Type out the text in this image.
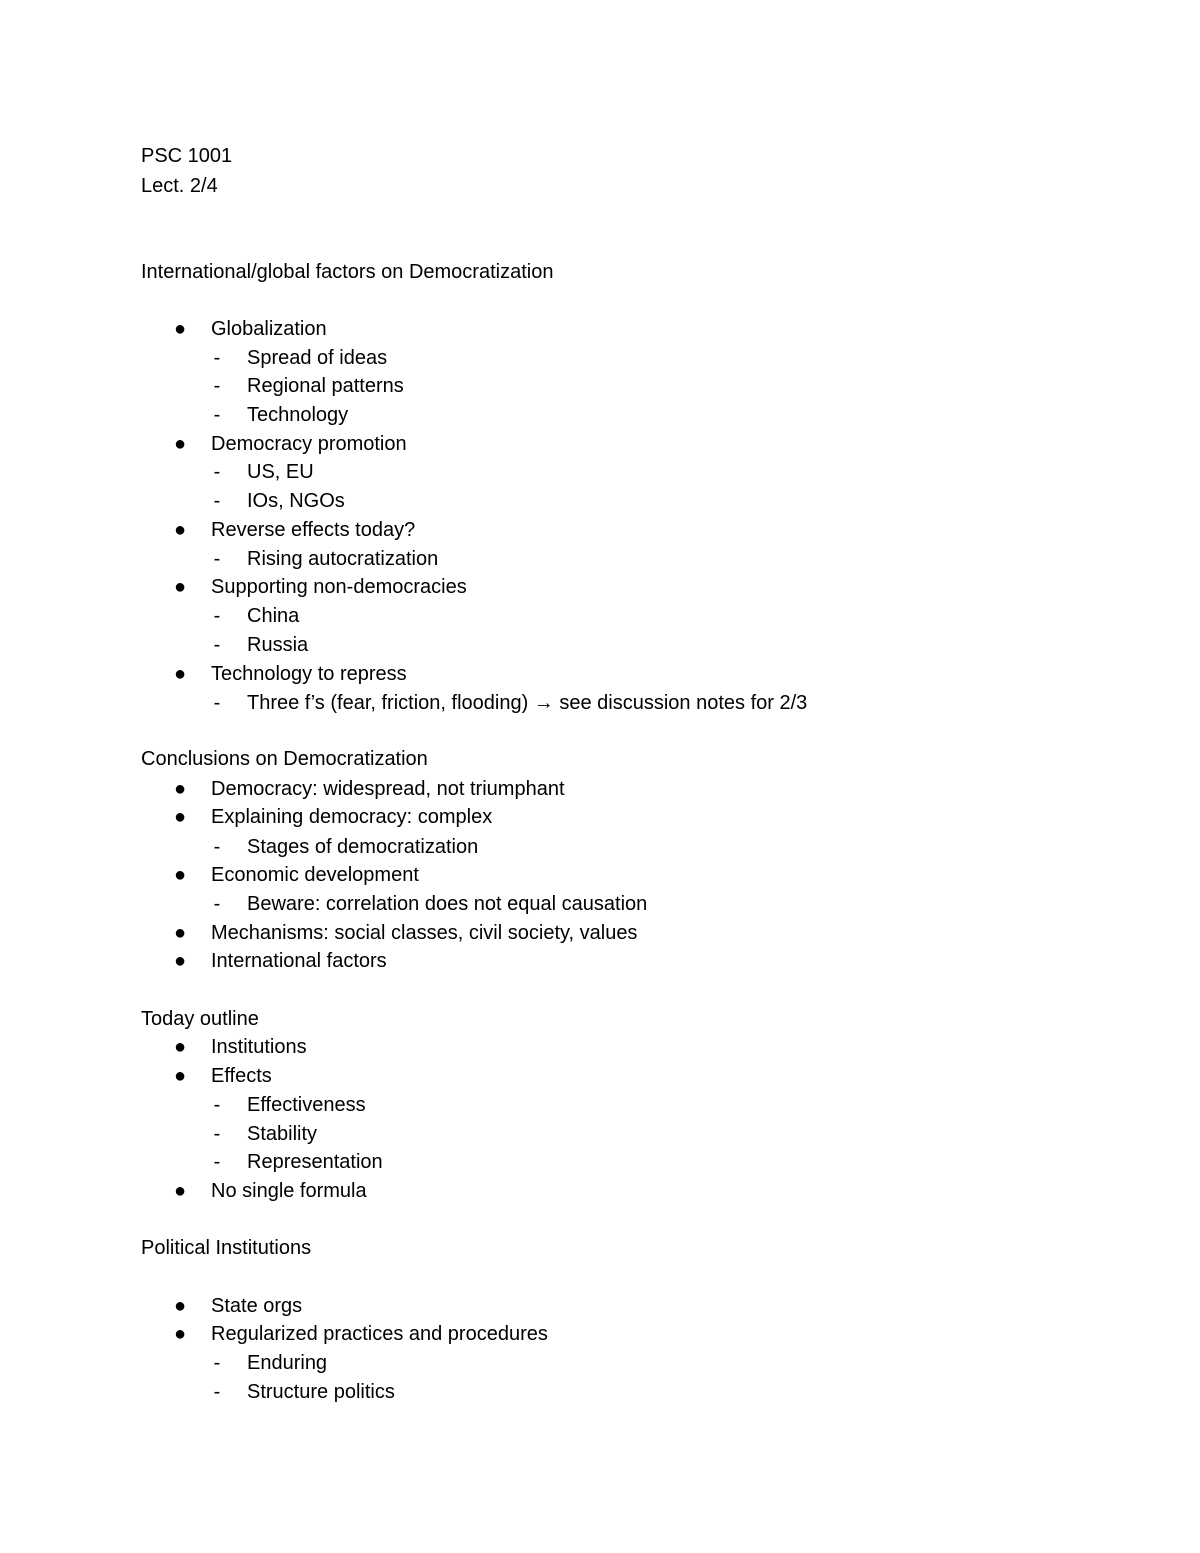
PSC 1001
Lect. 2/4
International/global factors on Democratization
● Globalization
- Spread of ideas
- Regional patterns
- Technology
● Democracy promotion
- US, EU
- IOs, NGOs
● Reverse effects today?
- Rising autocratization
● Supporting non-democracies
- China
- Russia
● Technology to repress
- Three f’s (fear, friction, flooding) → see discussion notes for 2/3
Conclusions on Democratization
● Democracy: widespread, not triumphant
● Explaining democracy: complex
- Stages of democratization
● Economic development
- Beware: correlation does not equal causation
● Mechanisms: social classes, civil society, values
● International factors
Today outline
● Institutions
● Effects
- Effectiveness
- Stability
- Representation
● No single formula
Political Institutions
● State orgs
● Regularized practices and procedures
- Enduring
- Structure politics
